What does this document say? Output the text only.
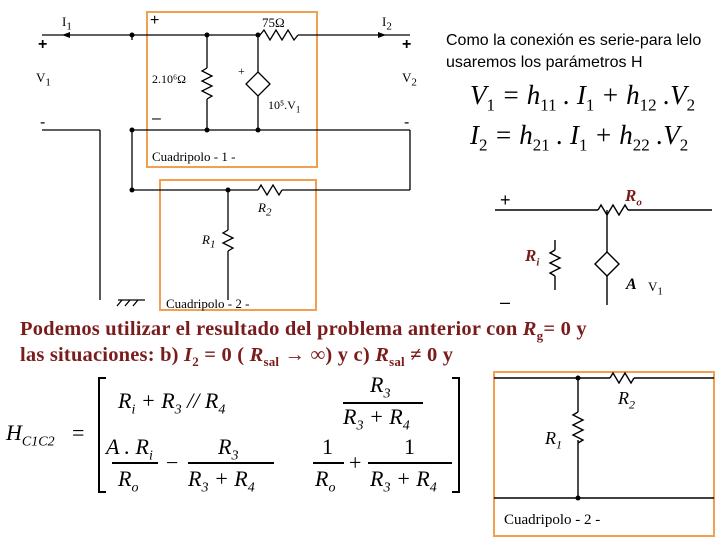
$I_1$	$I_2$
$V_1$	$V_2$
+
–
+
-
+
-
75Ω
2.10⁶Ω
$10^5.V_1$
+
Cuadripolo - 1 -
$R_2$
$R_1$
Cuadripolo - 2 -
Como la conexión es serie-para lelo usaremos los parámetros H
$V_1 = h_{11}$ . $I_1 + h_{12}$ $.V_2$
$I_2 = h_{21}$ . $I_1 + h_{22}$ $.V_2$
+
–
$R_o$
$R_i$
A $V_1$
Podemos utilizar el resultado del problema anterior con $R_g= 0$ y
las situaciones: b) $I_2 = 0$ ( $R_{sal}$ → ∞) y c) $R_{sal} \ne 0$ y
$H_{C1C2}$ =
$R_i + R_3 // R_4$
$R_3$
$R_3 + R_4$
A . $R_i$
$R_o$
−
$R_3$
$R_3 + R_4$
1
$R_o$
+
1
$R_3 + R_4$
$R_2$
$R_1$
Cuadripolo - 2 -
